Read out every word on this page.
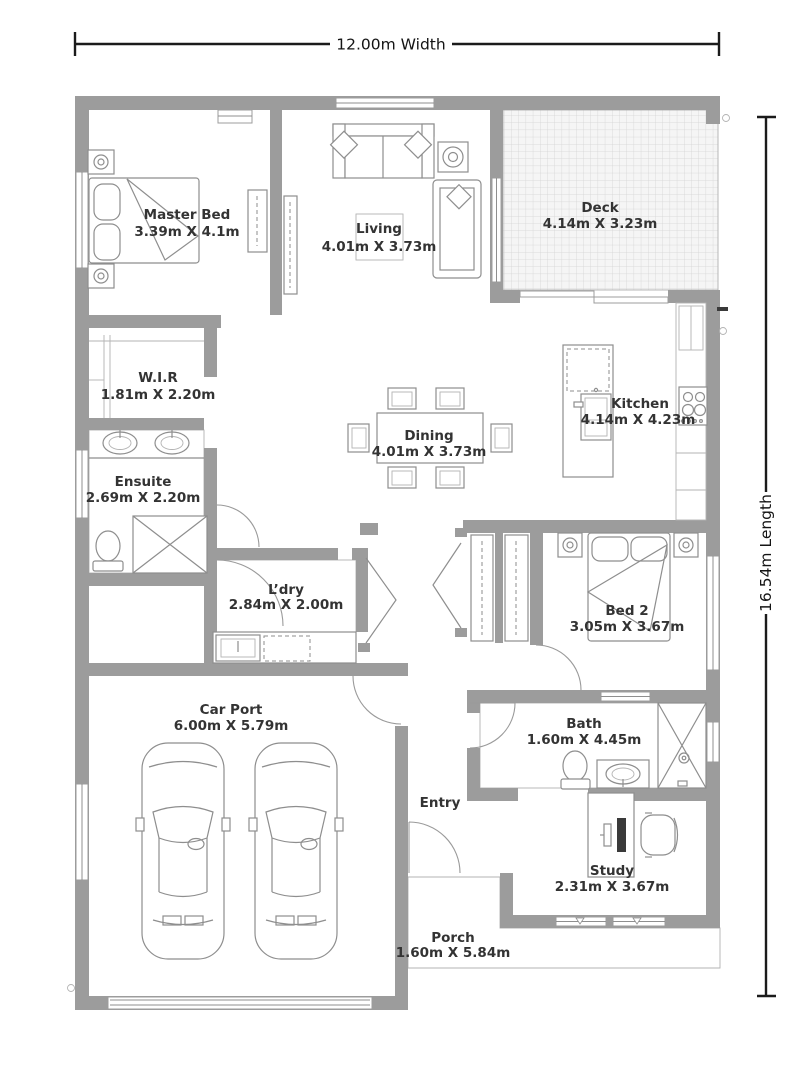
12.00m Width
16.54m Length
Master Bed
3.39m X 4.1m	Living
4.01m X 3.73m
Deck
4.14m X 3.23m
W.I.R
1.81m X 2.20m
Kitchen
4.14m X 4.23m
Dining
4.01m X 3.73m
Ensuite
2.69m X 2.20m
L’dry
2.84m X 2.00m	Bed 2
3.05m X 3.67m
Car Port
6.00m X 5.79m	Bath
1.60m X 4.45m
Entry
Study
2.31m X 3.67m
Porch
1.60m X 5.84m
